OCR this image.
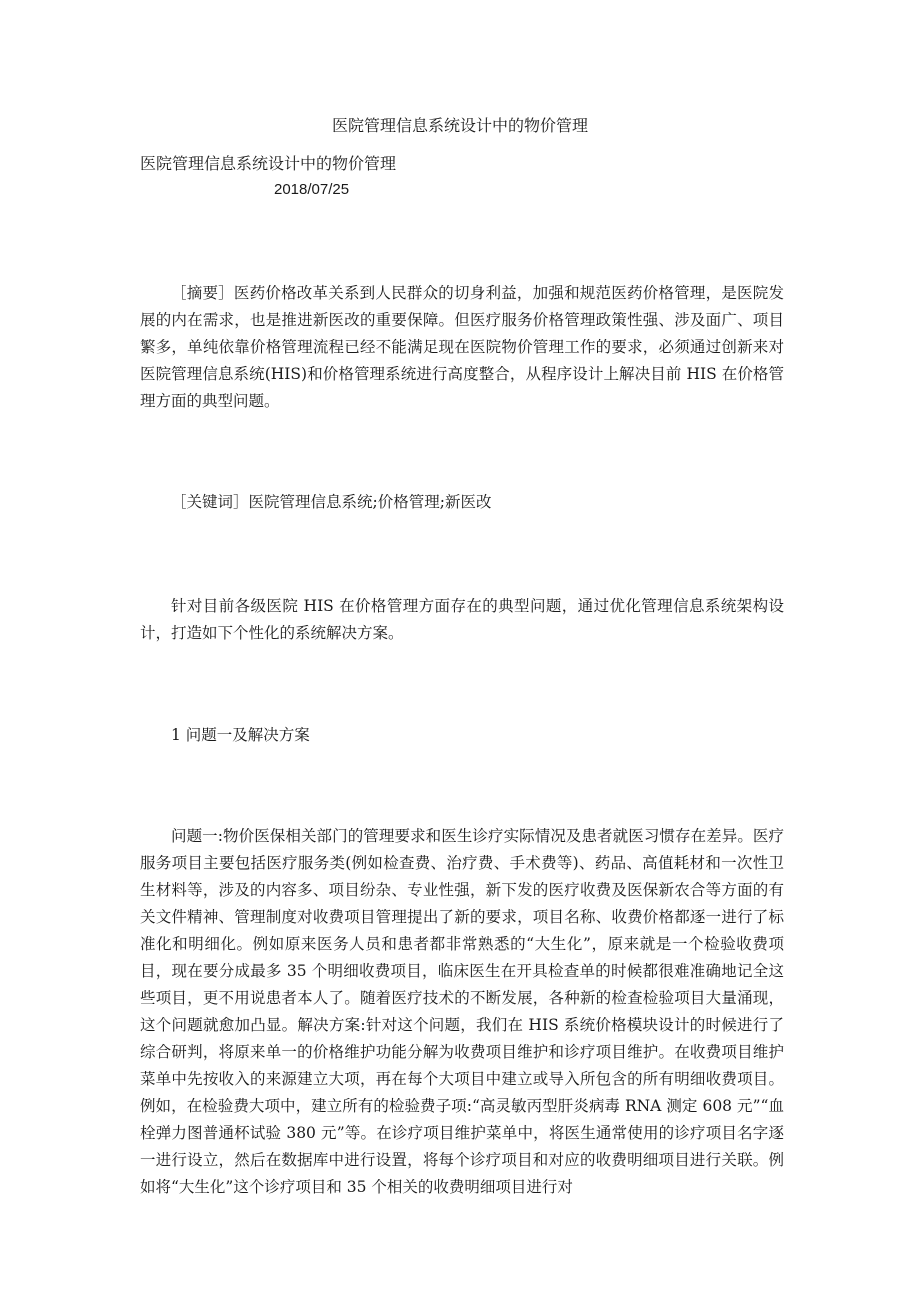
医院管理信息系统设计中的物价管理
医院管理信息系统设计中的物价管理
2018/07/25

［摘要］医药价格改革关系到人民群众的切身利益，加强和规范医药价格管理，是医院发展的内在需求，也是推进新医改的重要保障。但医疗服务价格管理政策性强、涉及面广、项目繁多，单纯依靠价格管理流程已经不能满足现在医院物价管理工作的要求，必须通过创新来对医院管理信息系统(HIS)和价格管理系统进行高度整合，从程序设计上解决目前 HIS 在价格管理方面的典型问题。

［关键词］医院管理信息系统;价格管理;新医改

针对目前各级医院 HIS 在价格管理方面存在的典型问题，通过优化管理信息系统架构设计，打造如下个性化的系统解决方案。

1 问题一及解决方案

问题一:物价医保相关部门的管理要求和医生诊疗实际情况及患者就医习惯存在差异。医疗服务项目主要包括医疗服务类(例如检查费、治疗费、手术费等)、药品、高值耗材和一次性卫生材料等，涉及的内容多、项目纷杂、专业性强，新下发的医疗收费及医保新农合等方面的有关文件精神、管理制度对收费项目管理提出了新的要求，项目名称、收费价格都逐一进行了标准化和明细化。例如原来医务人员和患者都非常熟悉的“大生化”，原来就是一个检验收费项目，现在要分成最多 35 个明细收费项目，临床医生在开具检查单的时候都很难准确地记全这些项目，更不用说患者本人了。随着医疗技术的不断发展，各种新的检查检验项目大量涌现，这个问题就愈加凸显。解决方案:针对这个问题，我们在 HIS 系统价格模块设计的时候进行了综合研判，将原来单一的价格维护功能分解为收费项目维护和诊疗项目维护。在收费项目维护菜单中先按收入的来源建立大项，再在每个大项目中建立或导入所包含的所有明细收费项目。例如，在检验费大项中，建立所有的检验费子项:“高灵敏丙型肝炎病毒 RNA 测定 608 元”“血栓弹力图普通杯试验 380 元”等。在诊疗项目维护菜单中，将医生通常使用的诊疗项目名字逐一进行设立，然后在数据库中进行设置，将每个诊疗项目和对应的收费明细项目进行关联。例如将“大生化”这个诊疗项目和 35 个相关的收费明细项目进行对
